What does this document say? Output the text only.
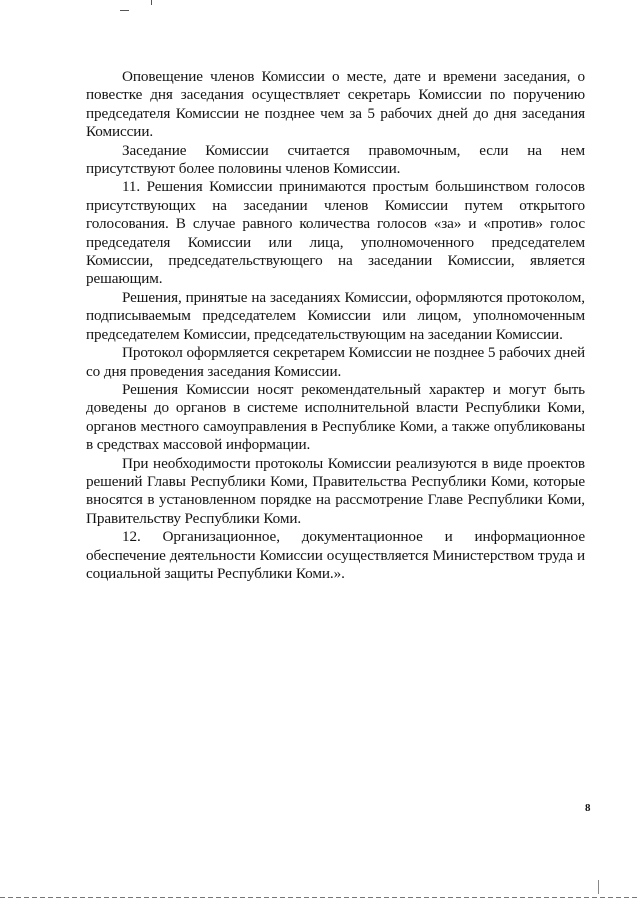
Оповещение членов Комиссии о месте, дате и времени заседания, о повестке дня заседания осуществляет секретарь Комиссии по поручению председателя Комиссии не позднее чем за 5 рабочих дней до дня заседания Комиссии.

Заседание Комиссии считается правомочным, если на нем присутствуют более половины членов Комиссии.

11. Решения Комиссии принимаются простым большинством голосов присутствующих на заседании членов Комиссии путем открытого голосования. В случае равного количества голосов «за» и «против» голос председателя Комиссии или лица, уполномоченного председателем Комиссии, председательствующего на заседании Комиссии, является решающим.

Решения, принятые на заседаниях Комиссии, оформляются протоколом, подписываемым председателем Комиссии или лицом, уполномоченным председателем Комиссии, председательствующим на заседании Комиссии.

Протокол оформляется секретарем Комиссии не позднее 5 рабочих дней со дня проведения заседания Комиссии.

Решения Комиссии носят рекомендательный характер и могут быть доведены до органов в системе исполнительной власти Республики Коми, органов местного самоуправления в Республике Коми, а также опубликованы в средствах массовой информации.

При необходимости протоколы Комиссии реализуются в виде проектов решений Главы Республики Коми, Правительства Республики Коми, которые вносятся в установленном порядке на рассмотрение Главе Республики Коми, Правительству Республики Коми.

12. Организационное, документационное и информационное обеспечение деятельности Комиссии осуществляется Министерством труда и социальной защиты Республики Коми.».

8
